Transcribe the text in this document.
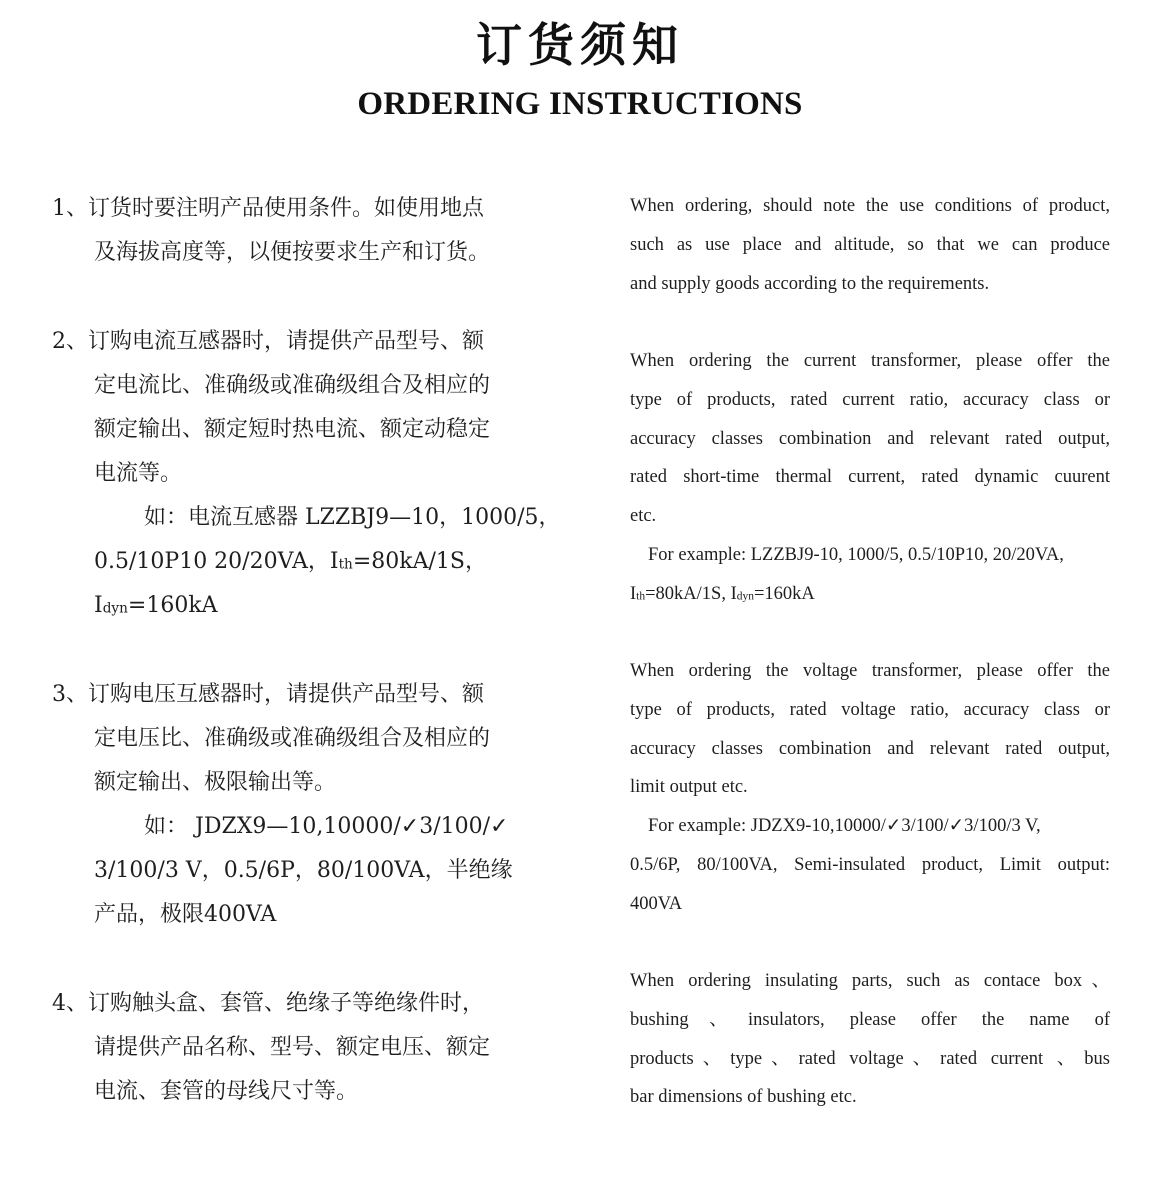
订货须知
ORDERING INSTRUCTIONS
1、订货时要注明产品使用条件。如使用地点
及海拔高度等，以便按要求生产和订货。
When ordering, should note the use conditions of product,
such as use place and altitude, so that we can produce
and supply goods according to the requirements.
2、订购电流互感器时，请提供产品型号、额
定电流比、准确级或准确级组合及相应的
额定输出、额定短时热电流、额定动稳定
电流等。
如：电流互感器 LZZBJ9—10，1000/5，
0.5/10P10 20/20VA，Ith=80kA/1S，
Idyn=160kA
When ordering the current transformer, please offer the
type of products, rated current ratio, accuracy class or
accuracy classes combination and relevant rated output,
rated short-time thermal current, rated dynamic cuurent
etc.
For example: LZZBJ9-10, 1000/5, 0.5/10P10, 20/20VA,
Ith=80kA/1S, Idyn=160kA
3、订购电压互感器时，请提供产品型号、额
定电压比、准确级或准确级组合及相应的
额定输出、极限输出等。
如： JDZX9—10,10000/✓3/100/✓
3/100/3 V，0.5/6P，80/100VA，半绝缘
产品，极限400VA
When ordering the voltage transformer, please offer the
type of products, rated voltage ratio, accuracy class or
accuracy classes combination and relevant rated output,
limit output etc.
For example: JDZX9-10,10000/✓3/100/✓3/100/3 V,
0.5/6P, 80/100VA, Semi-insulated product, Limit output:
400VA
4、订购触头盒、套管、绝缘子等绝缘件时，
请提供产品名称、型号、额定电压、额定
电流、套管的母线尺寸等。
When ordering insulating parts, such as contace box、
bushing、insulators, please offer the name of
products、type、rated voltage、rated current 、bus
bar dimensions of bushing etc.
